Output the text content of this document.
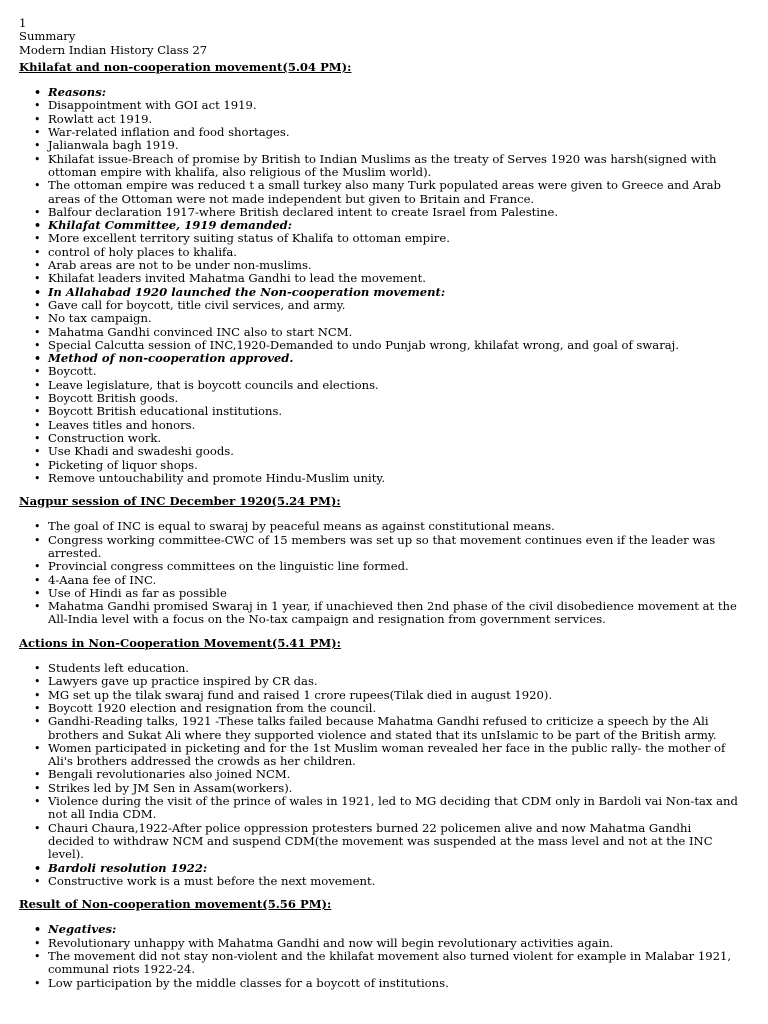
1
Summary
Modern Indian History Class 27
Khilafat and non-cooperation movement(5.04 PM):
• Reasons:
• Disappointment with GOI act 1919.
• Rowlatt act 1919.
• War-related inflation and food shortages.
• Jalianwala bagh 1919.
• Khilafat issue-Breach of promise by British to Indian Muslims as the treaty of Serves 1920 was harsh(signed with ottoman empire with khalifa, also religious of the Muslim world).
• The ottoman empire was reduced t a small turkey also many Turk populated areas were given to Greece and Arab areas of the Ottoman were not made independent but given to Britain and France.
• Balfour declaration 1917-where British declared intent to create Israel from Palestine.
• Khilafat Committee, 1919 demanded:
• More excellent territory suiting status of Khalifa to ottoman empire.
• control of holy places to khalifa.
• Arab areas are not to be under non-muslims.
• Khilafat leaders invited Mahatma Gandhi to lead the movement.
• In Allahabad 1920 launched the Non-cooperation movement:
• Gave call for boycott, title civil services, and army.
• No tax campaign.
• Mahatma Gandhi convinced INC also to start NCM.
• Special Calcutta session of INC,1920-Demanded to undo Punjab wrong, khilafat wrong, and goal of swaraj.
• Method of non-cooperation approved.
• Boycott.
• Leave legislature, that is boycott councils and elections.
• Boycott British goods.
• Boycott British educational institutions.
• Leaves titles and honors.
• Construction work.
• Use Khadi and swadeshi goods.
• Picketing of liquor shops.
• Remove untouchability and promote Hindu-Muslim unity.
Nagpur session of INC December 1920(5.24 PM):
• The goal of INC is equal to swaraj by peaceful means as against constitutional means.
• Congress working committee-CWC of 15 members was set up so that movement continues even if the leader was arrested.
• Provincial congress committees on the linguistic line formed.
• 4-Aana fee of INC.
• Use of Hindi as far as possible
• Mahatma Gandhi promised Swaraj in 1 year, if unachieved then 2nd phase of the civil disobedience movement at the All-India level with a focus on the No-tax campaign and resignation from government services.
Actions in Non-Cooperation Movement(5.41 PM):
• Students left education.
• Lawyers gave up practice inspired by CR das.
• MG set up the tilak swaraj fund and raised 1 crore rupees(Tilak died in august 1920).
• Boycott 1920 election and resignation from the council.
• Gandhi-Reading talks, 1921 -These talks failed because Mahatma Gandhi refused to criticize a speech by the Ali brothers and Sukat Ali where they supported violence and stated that its unIslamic to be part of the British army.
• Women participated in picketing and for the 1st Muslim woman revealed her face in the public rally- the mother of Ali's brothers addressed the crowds as her children.
• Bengali revolutionaries also joined NCM.
• Strikes led by JM Sen in Assam(workers).
• Violence during the visit of the prince of wales in 1921, led to MG deciding that CDM only in Bardoli vai Non-tax and not all India CDM.
• Chauri Chaura,1922-After police oppression protesters burned 22 policemen alive and now Mahatma Gandhi decided to withdraw NCM and suspend CDM(the movement was suspended at the mass level and not at the INC level).
• Bardoli resolution 1922:
• Constructive work is a must before the next movement.
Result of Non-cooperation movement(5.56 PM):
• Negatives:
• Revolutionary unhappy with Mahatma Gandhi and now will begin revolutionary activities again.
• The movement did not stay non-violent and the khilafat movement also turned violent for example in Malabar 1921, communal riots 1922-24.
• Low participation by the middle classes for a boycott of institutions.
